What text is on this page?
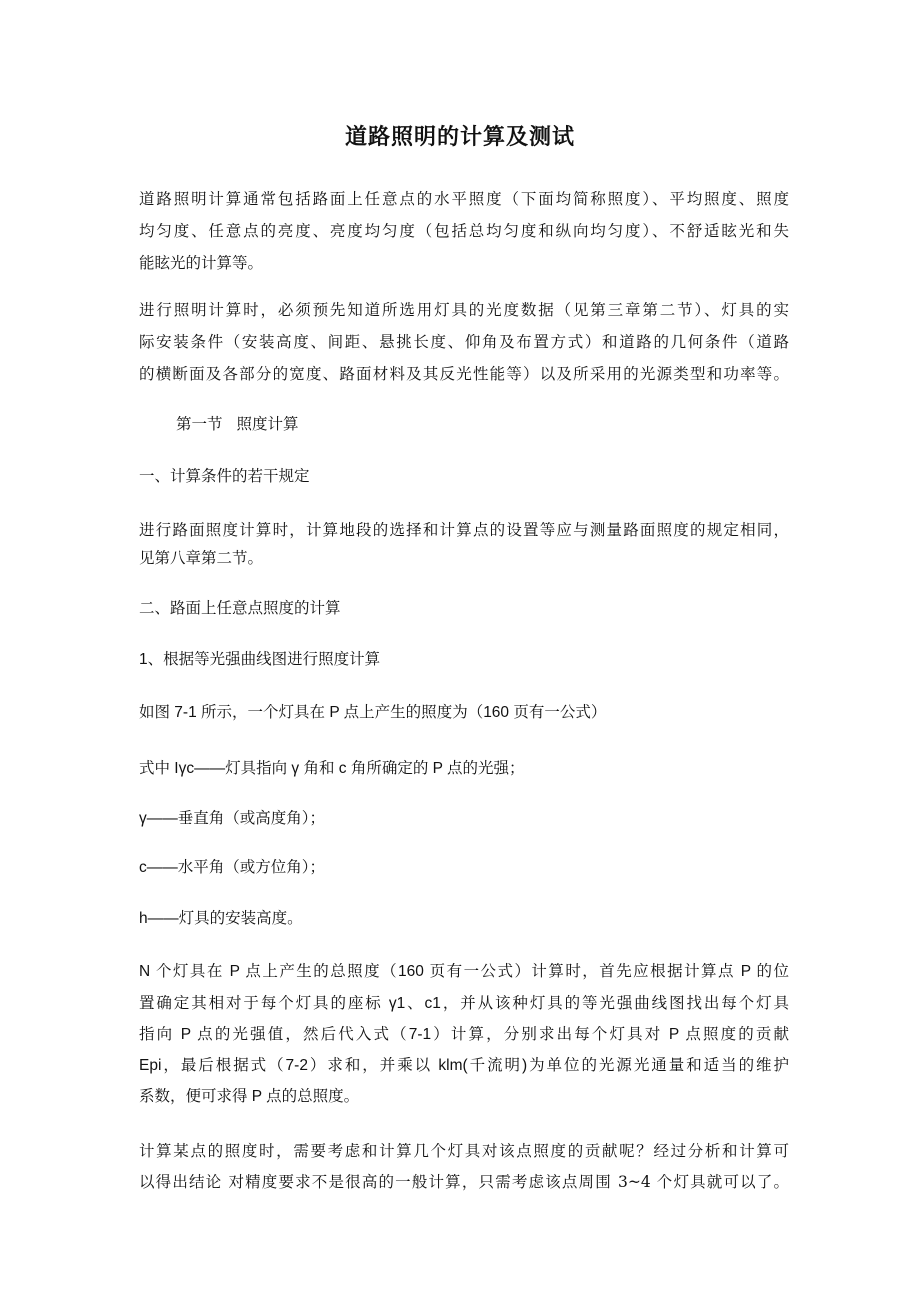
道路照明的计算及测试
道路照明计算通常包括路面上任意点的水平照度（下面均简称照度）、平均照度、照度
均匀度、任意点的亮度、亮度均匀度（包括总均匀度和纵向均匀度）、不舒适眩光和失
能眩光的计算等。
进行照明计算时，必须预先知道所选用灯具的光度数据（见第三章第二节）、灯具的实
际安装条件（安装高度、间距、悬挑长度、仰角及布置方式）和道路的几何条件（道路
的横断面及各部分的宽度、路面材料及其反光性能等）以及所采用的光源类型和功率等。
第一节 照度计算
一、计算条件的若干规定
进行路面照度计算时，计算地段的选择和计算点的设置等应与测量路面照度的规定相同，
见第八章第二节。
二、路面上任意点照度的计算
1、根据等光强曲线图进行照度计算
如图 7-1 所示，一个灯具在 P 点上产生的照度为（160 页有一公式）
式中 Iγc——灯具指向 γ 角和 c 角所确定的 P 点的光强；
γ——垂直角（或高度角）；
c——水平角（或方位角）；
h——灯具的安装高度。
N 个灯具在 P 点上产生的总照度（160 页有一公式）计算时，首先应根据计算点 P 的位
置确定其相对于每个灯具的座标 γ1、c1，并从该种灯具的等光强曲线图找出每个灯具
指向 P 点的光强值，然后代入式（7-1）计算，分别求出每个灯具对 P 点照度的贡献
Epi，最后根据式（7-2）求和，并乘以 klm(千流明)为单位的光源光通量和适当的维护
系数，便可求得 P 点的总照度。
计算某点的照度时，需要考虑和计算几个灯具对该点照度的贡献呢？经过分析和计算可
以得出结论 对精度要求不是很高的一般计算，只需考虑该点周围 3~4 个灯具就可以了。
